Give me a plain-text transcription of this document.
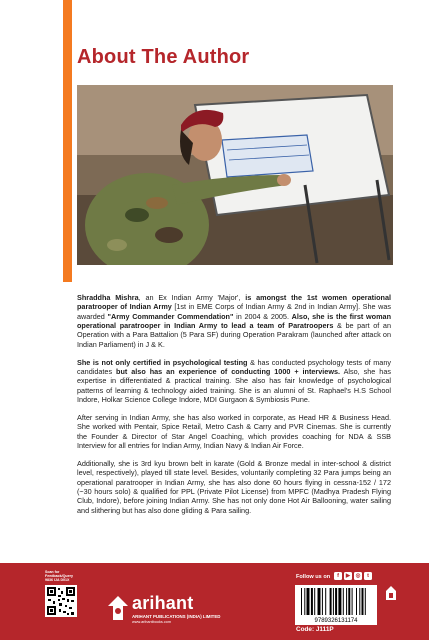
About The Author

Shraddha Mishra, an Ex Indian Army 'Major', is amongst the 1st women operational paratrooper of Indian Army [1st in EME Corps of Indian Army & 2nd in Indian Army]. She was awarded "Army Commander Commendation" in 2004 & 2005. Also, she is the first woman operational paratrooper in Indian Army to lead a team of Paratroopers & be part of an Operation with a Para Battalion (5 Para SF) during Operation Parakram (launched after attack on Indian Parliament) in J & K.

She is not only certified in psychological testing & has conducted psychology tests of many candidates but also has an experience of conducting 1000 + interviews. Also, she has expertise in differentiated & practical training. She also has fair knowledge of psychological patterns of learning & technology aided training. She is an alumni of St. Raphael's H.S School Indore, Holkar Science College Indore, MDI Gurgaon & Symbiosis Pune.

After serving in Indian Army, she has also worked in corporate, as Head HR & Business Head. She worked with Pentair, Spice Retail, Metro Cash & Carry and PVR Cinemas. She is currently the Founder & Director of Star Angel Coaching, which provides coaching for NDA & SSB Interview for all entries for Indian Army, Indian Navy & Indian Air Force.

Additionally, she is 3rd kyu brown belt in karate (Gold & Bronze medal in inter-school & district level, respectively), played till state level. Besides, voluntarily completing 32 Para jumps being an operational paratrooper in Indian Army, she has also done 60 hours flying in cessna-152 / 172 (~30 hours solo) & qualified for PPL (Private Pilot License) from MPFC (Madhya Pradesh Flying Club, Indore), before joining Indian Army. She has not only done Hot Air Ballooning, water sailing and slithering but has also done gliding & Para sailing.

Scan for Feedback/Query
9836 IJA D01X
arihant
ARIHANT PUBLICATIONS (INDIA) LIMITED
www.arihantbooks.com
Follow us on	f	▶ ◎	t
9789326131174
Code: J111P
